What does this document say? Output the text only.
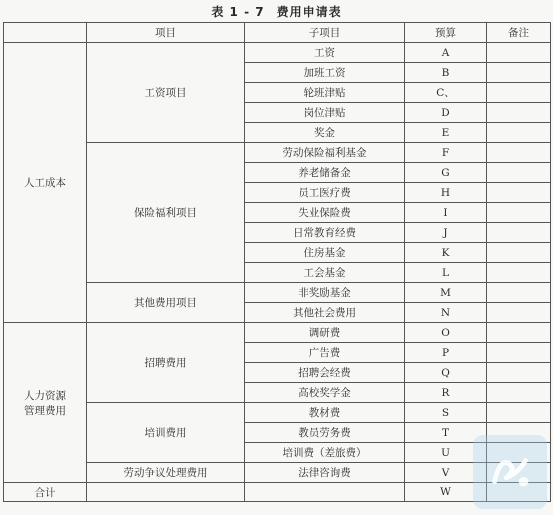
表 1 - 7 费用申请表
	项目	子项目	预算	备注
人工成本	工资项目	工资	A	
		加班工资	B	
		轮班津贴	C、	
		岗位津贴	D	
		奖金	E	
	保险福利项目	劳动保险福利基金	F	
		养老储备金	G	
		员工医疗费	H	
		失业保险费	I	
		日常教育经费	J	
		住房基金	K	
		工会基金	L	
	其他费用项目	非奖励基金	M	
		其他社会费用	N	
人力资源
管理费用	招聘费用	调研费	O	
		广告费	P	
		招聘会经费	Q	
		高校奖学金	R	
	培训费用	教材费	S	
		教员劳务费	T	
		培训费（差旅费）	U	
	劳动争议处理费用	法律咨询费	V	
合计			W	
